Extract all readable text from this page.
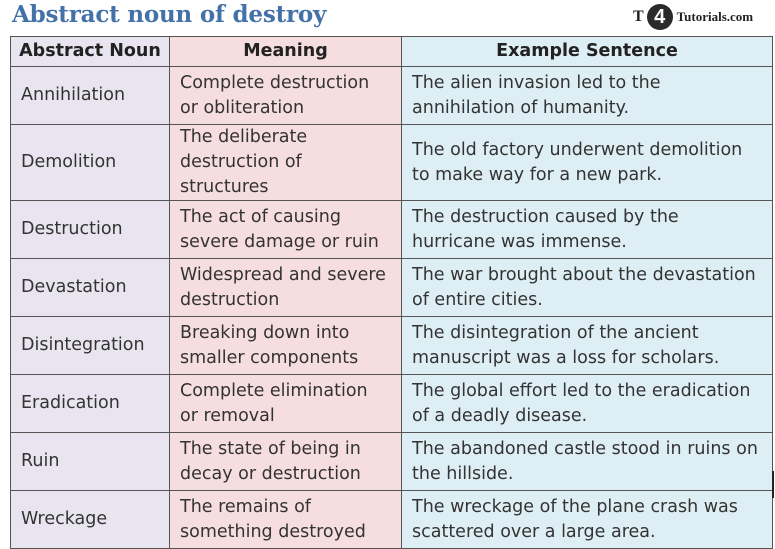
Abstract noun of destroy	T 4 Tutorials.com
Abstract Noun	Meaning	Example Sentence
Annihilation	Complete destruction or obliteration	The alien invasion led to the annihilation of humanity.
Demolition	The deliberate destruction of structures	The old factory underwent demolition to make way for a new park.
Destruction	The act of causing severe damage or ruin	The destruction caused by the hurricane was immense.
Devastation	Widespread and severe destruction	The war brought about the devastation of entire cities.
Disintegration	Breaking down into smaller components	The disintegration of the ancient manuscript was a loss for scholars.
Eradication	Complete elimination or removal	The global effort led to the eradication of a deadly disease.
Ruin	The state of being in decay or destruction	The abandoned castle stood in ruins on the hillside.
Wreckage	The remains of something destroyed	The wreckage of the plane crash was scattered over a large area.
